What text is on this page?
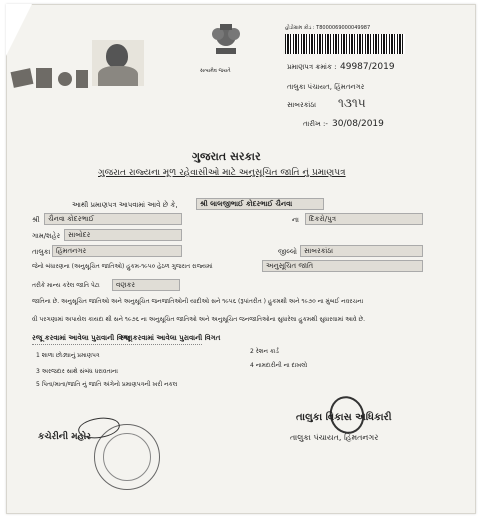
સત્યમેવ જયતે
હોડોગ્રામ કોડ : T8000069000049987
પ્રમાણપત્ર ક્રમાંક : 49987/2019
તાલુકા પંચાયત, હિંમતનગર
સાબરકાંઠા ૧૩૧૫
તારીખ :- 30/08/2019
ગુજરાત સરકાર
ગુજરાત રાજ્યના મૂળ રહેવાસીઓ માટે અનુસૂચિત જાતિ નું પ્રમાણપત્ર
આથી પ્રમાણપત્ર આપવામાં આવે છે કે,	શ્રી લાલજીભાઈ કોદરભાઈ ચૈનવા
શ્રી	ચૈનવા કોદરભાઈ	ના	દિકરો/પુત્ર
ગામ/શહેર	સાબોદર
તાલુકા હિંમતનગર	જીલ્લો	સાબરકાંઠા
જેનો બંધારણના (અનુસૂચિત જાતિઓ) હુકમ-૧૯૫૦ હેઠળ ગુજરાત રાજ્યમાં	અનુસૂચિત જાતિ
તરીકે માન્ય કરેલ જાતિ પેટા	વણકર
જાતિના છે. અનુસૂચિત જાતિઓ અને અનુસૂચિત જનજાતિઓની યાદીઓ સને ૧૯૫૬ (રૂપાંતરીત ) હુકમથી અને ૧૯૭૦ ના મુંબઈ નવરચના
વી પરગણામાં અપાયેલ કાયદા થી સને ૧૯૭૬ ના અનુસૂચિત જાતિઓ અને અનુસૂચિત જનજાતિઓના સુધારેલા હુકમથી સુધારવામાં આવે છે.
રજૂ કરવામાં આવેલા પુરાવાની વિગત
રજૂ કરવામાં આવેલા પુરાવાની વિગત
1 શાળા છોડ્યાનું પ્રમાણપત્ર
2 રેશન કાર્ડ
3 અરજદાર સાથે સંબંધ ધરાવતાના
4 નામદારીની ના દાખલો
5 પિતા/માતા/જાતિ નું જાતિ અંગેનો પ્રમાણપત્રની ખરી નકલ
તાલુકા વિકાસ અધિકારી
તાલુકા પંચાયત, હિંમતનગર
કચેરીની મહોર
